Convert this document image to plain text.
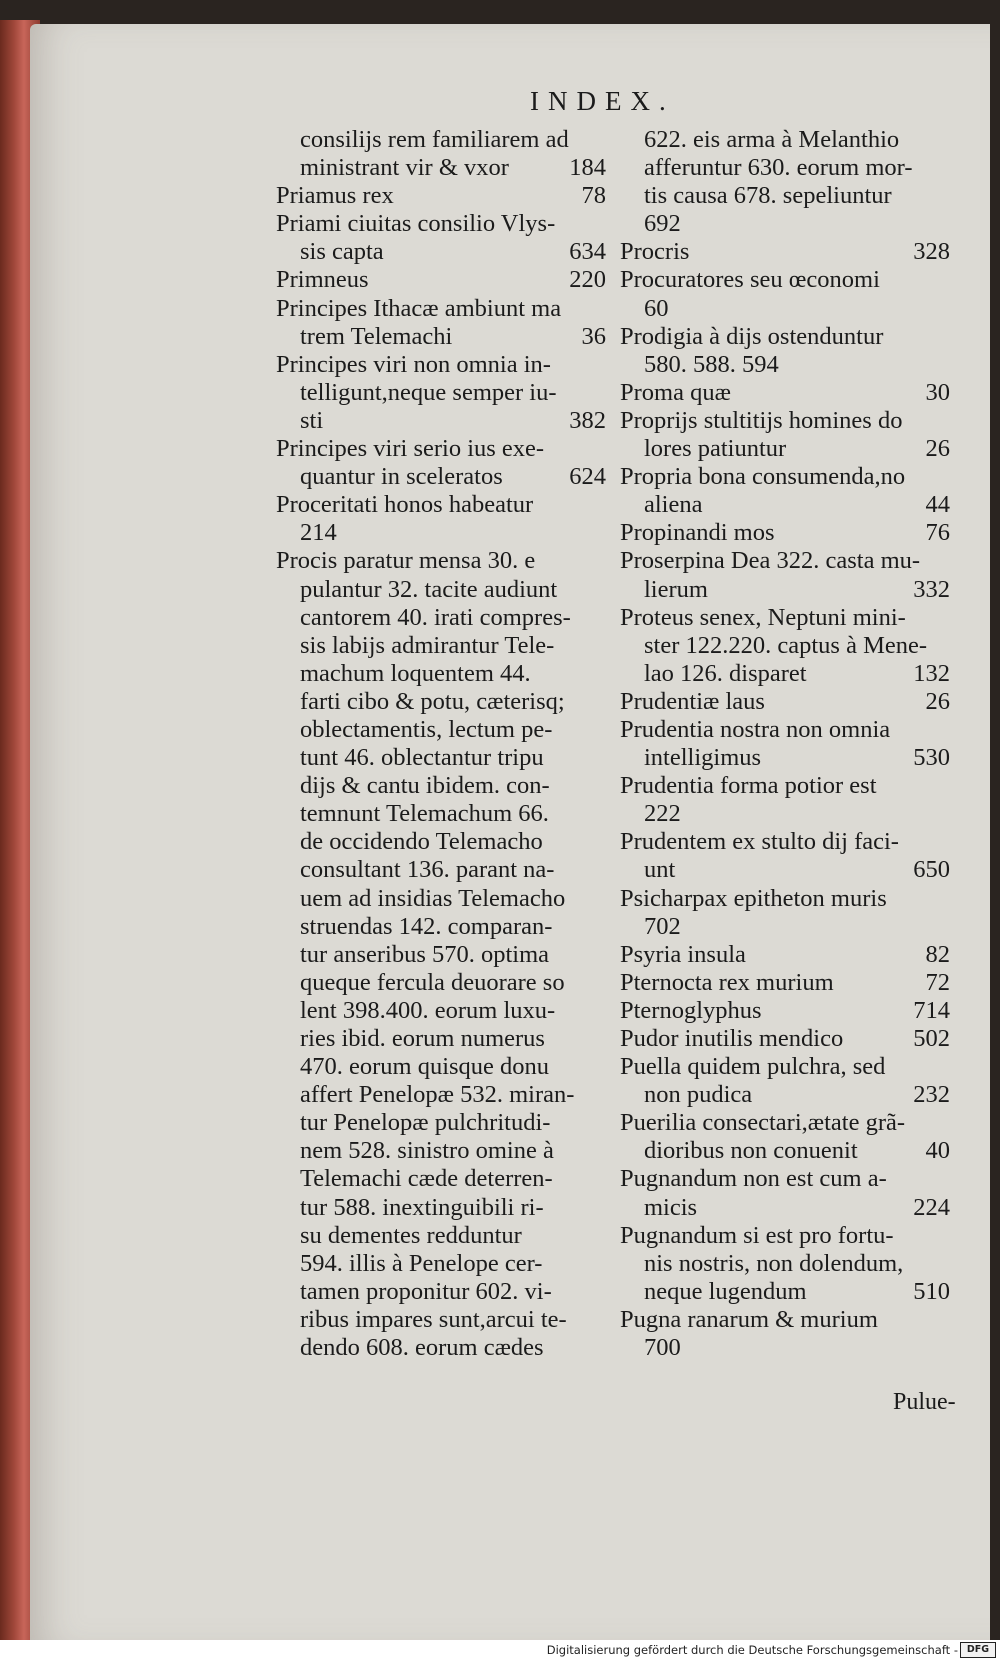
INDEX.
consilijs rem familiarem ad
ministrant vir & vxor	184
Priamus rex	78
Priami ciuitas consilio Vlys-
sis capta	634
Primneus	220
Principes Ithacæ ambiunt ma
trem Telemachi	36
Principes viri non omnia in-
telligunt,neque semper iu-
sti	382
Principes viri serio ius exe-
quantur in sceleratos	624
Proceritati honos habeatur
214
Procis paratur mensa 30. e
pulantur 32. tacite audiunt
cantorem 40. irati compres-
sis labijs admirantur Tele-
machum loquentem 44.
farti cibo & potu, cæterisq;
oblectamentis, lectum pe-
tunt 46. oblectantur tripu
dijs & cantu ibidem. con-
temnunt Telemachum 66.
de occidendo Telemacho
consultant 136. parant na-
uem ad insidias Telemacho
struendas 142. comparan-
tur anseribus 570. optima
queque fercula deuorare so
lent 398.400. eorum luxu-
ries ibid. eorum numerus
470. eorum quisque donu
affert Penelopæ 532. miran-
tur Penelopæ pulchritudi-
nem 528. sinistro omine à
Telemachi cæde deterren-
tur 588. inextinguibili ri-
su dementes redduntur
594. illis à Penelope cer-
tamen proponitur 602. vi-
ribus impares sunt,arcui te-
dendo 608. eorum cædes
622. eis arma à Melanthio
afferuntur 630. eorum mor-
tis causa 678. sepeliuntur
692
Procris	328
Procuratores seu œconomi
60
Prodigia à dijs ostenduntur
580. 588. 594
Proma quæ	30
Proprijs stultitijs homines do
lores patiuntur	26
Propria bona consumenda,no
aliena	44
Propinandi mos	76
Proserpina Dea 322. casta mu-
lierum	332
Proteus senex, Neptuni mini-
ster 122.220. captus à Mene-
lao 126. disparet	132
Prudentiæ laus	26
Prudentia nostra non omnia
intelligimus	530
Prudentia forma potior est
222
Prudentem ex stulto dij faci-
unt	650
Psicharpax epitheton muris
702
Psyria insula	82
Pternocta rex murium	72
Pternoglyphus	714
Pudor inutilis mendico	502
Puella quidem pulchra, sed
non pudica	232
Puerilia consectari,ætate grã-
dioribus non conuenit	40
Pugnandum non est cum a-
micis	224
Pugnandum si est pro fortu-
nis nostris, non dolendum,
neque lugendum	510
Pugna ranarum & murium
700
Pulue-
Digitalisierung gefördert durch die Deutsche Forschungsgemeinschaft - DFG
